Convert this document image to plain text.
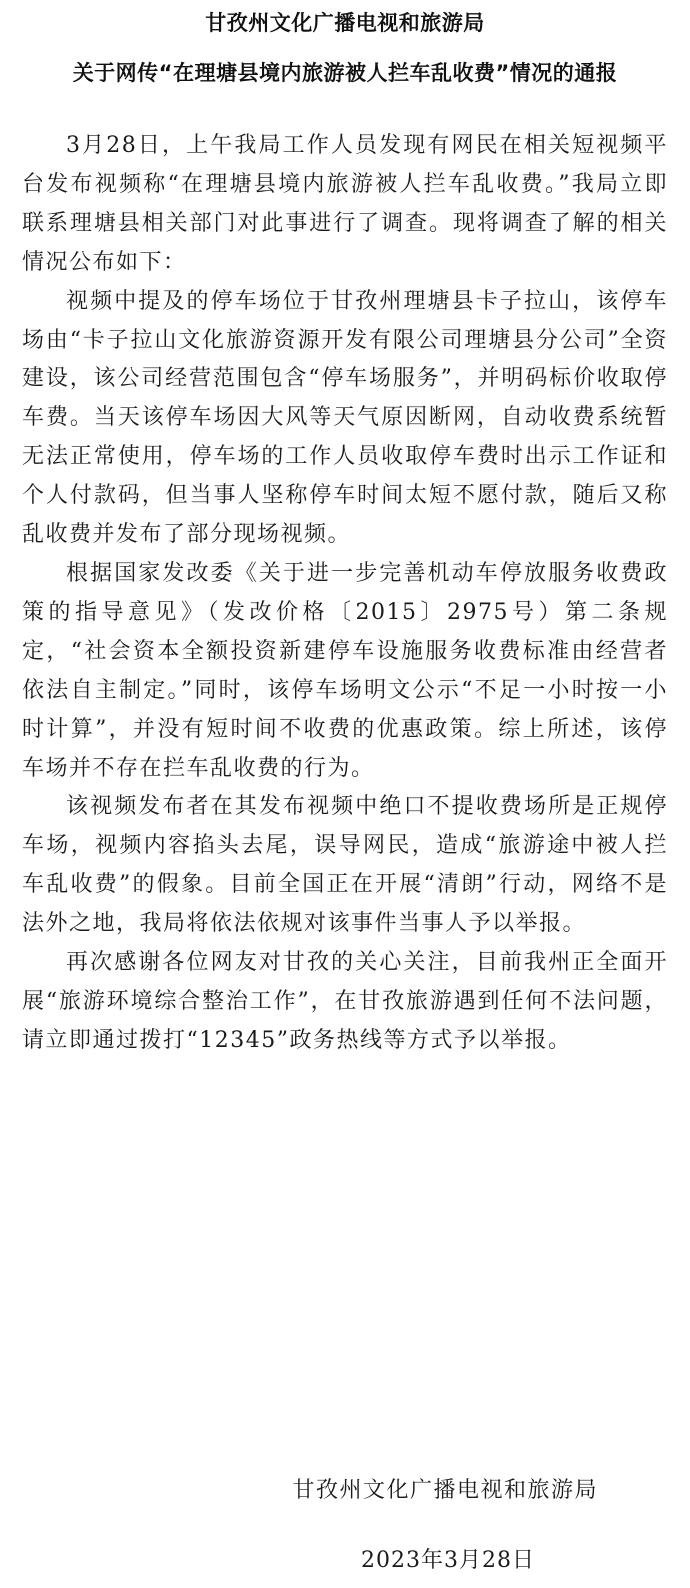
甘孜州文化广播电视和旅游局
关于网传“在理塘县境内旅游被人拦车乱收费”情况的通报

3月28日，上午我局工作人员发现有网民在相关短视频平台发布视频称“在理塘县境内旅游被人拦车乱收费。”我局立即联系理塘县相关部门对此事进行了调查。现将调查了解的相关情况公布如下：

视频中提及的停车场位于甘孜州理塘县卡子拉山，该停车场由“卡子拉山文化旅游资源开发有限公司理塘县分公司”全资建设，该公司经营范围包含“停车场服务”，并明码标价收取停车费。当天该停车场因大风等天气原因断网，自动收费系统暂无法正常使用，停车场的工作人员收取停车费时出示工作证和个人付款码，但当事人坚称停车时间太短不愿付款，随后又称乱收费并发布了部分现场视频。

根据国家发改委《关于进一步完善机动车停放服务收费政策的指导意见》（发改价格〔2015〕2975号）第二条规定，“社会资本全额投资新建停车设施服务收费标准由经营者依法自主制定。”同时，该停车场明文公示“不足一小时按一小时计算”，并没有短时间不收费的优惠政策。综上所述，该停车场并不存在拦车乱收费的行为。

该视频发布者在其发布视频中绝口不提收费场所是正规停车场，视频内容掐头去尾，误导网民，造成“旅游途中被人拦车乱收费”的假象。目前全国正在开展“清朗”行动，网络不是法外之地，我局将依法依规对该事件当事人予以举报。

再次感谢各位网友对甘孜的关心关注，目前我州正全面开展“旅游环境综合整治工作”，在甘孜旅游遇到任何不法问题，请立即通过拨打“12345”政务热线等方式予以举报。

甘孜州文化广播电视和旅游局
2023年3月28日
